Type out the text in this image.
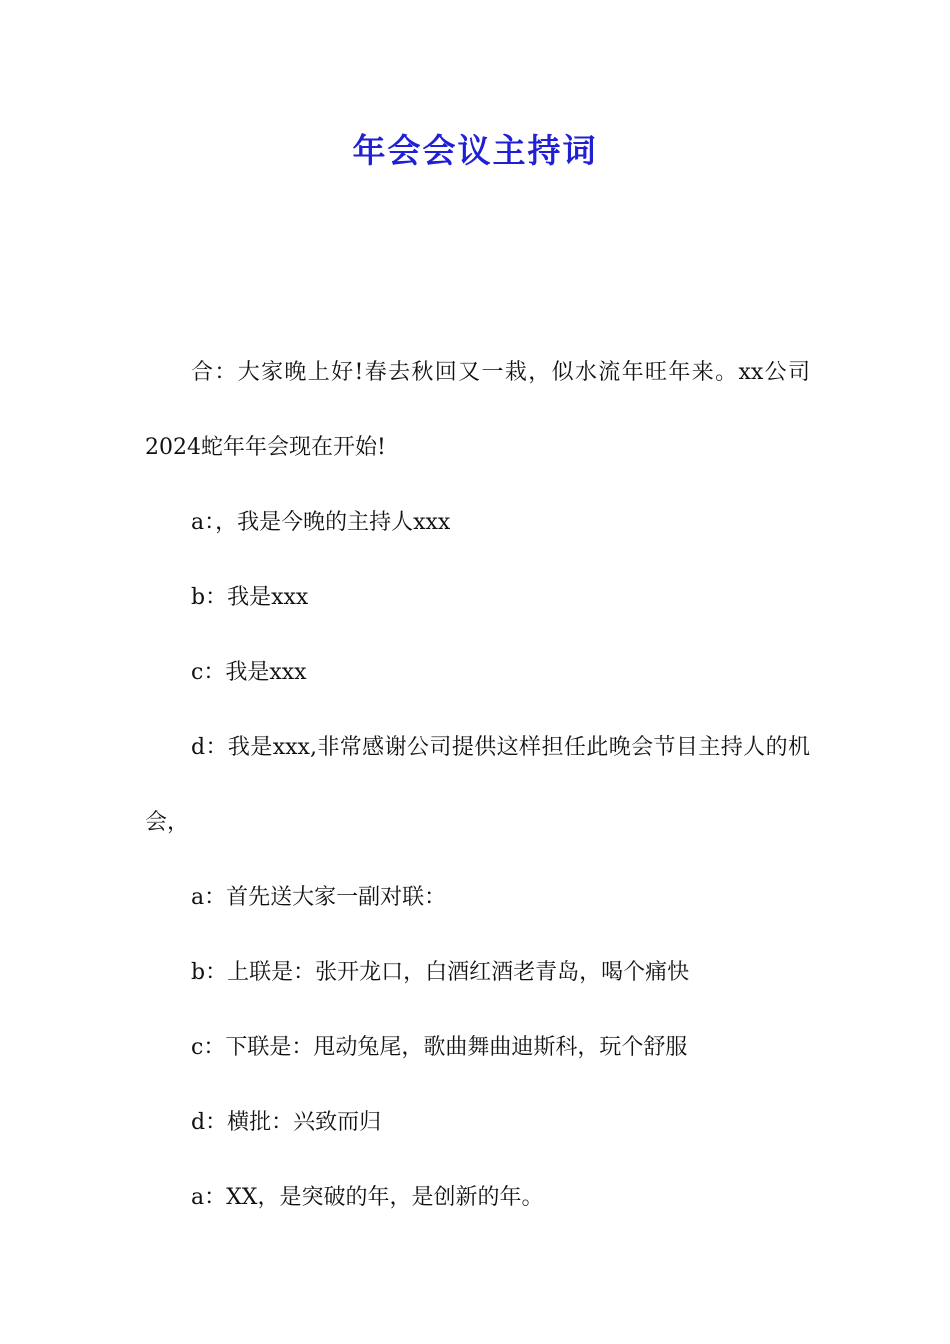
年会会议主持词

合：大家晚上好!春去秋回又一栽，似水流年旺年来。xx公司2024蛇年年会现在开始!

a：，我是今晚的主持人xxx

b：我是xxx

c：我是xxx

d：我是xxx,非常感谢公司提供这样担任此晚会节目主持人的机会，

a：首先送大家一副对联：

b：上联是：张开龙口，白酒红酒老青岛，喝个痛快

c：下联是：甩动兔尾，歌曲舞曲迪斯科，玩个舒服

d：横批：兴致而归

a：XX，是突破的年，是创新的年。
